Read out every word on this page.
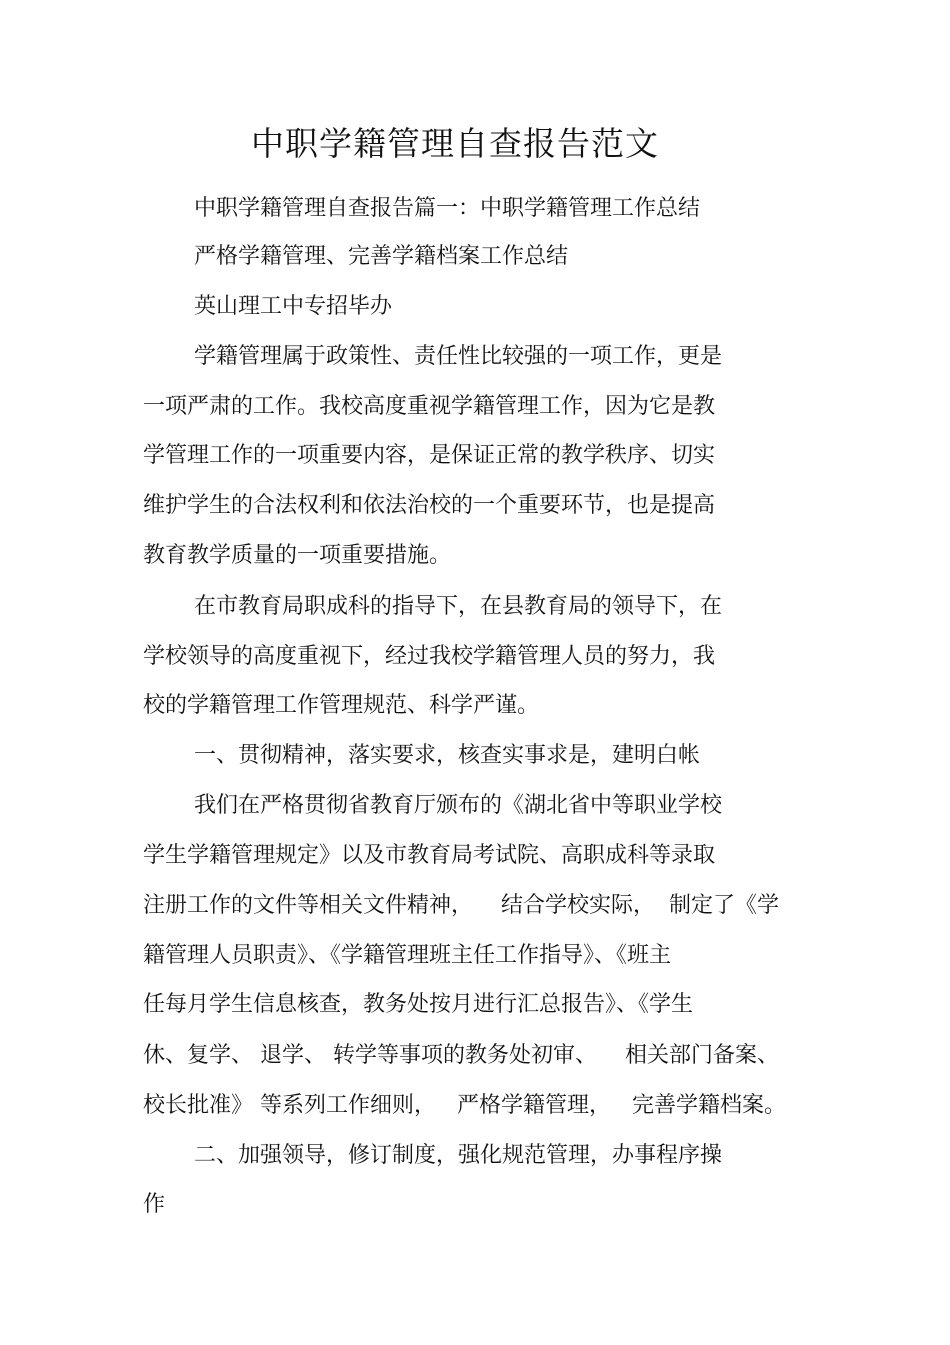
中职学籍管理自查报告范文
中职学籍管理自查报告篇一：中职学籍管理工作总结
严格学籍管理、完善学籍档案工作总结
英山理工中专招毕办
学籍管理属于政策性、责任性比较强的一项工作，更是
一项严肃的工作。我校高度重视学籍管理工作，因为它是教
学管理工作的一项重要内容，是保证正常的教学秩序、切实
维护学生的合法权利和依法治校的一个重要环节，也是提高
教育教学质量的一项重要措施。
在市教育局职成科的指导下，在县教育局的领导下，在
学校领导的高度重视下，经过我校学籍管理人员的努力，我
校的学籍管理工作管理规范、科学严谨。
一、贯彻精神，落实要求，核查实事求是，建明白帐
我们在严格贯彻省教育厅颁布的《湖北省中等职业学校
学生学籍管理规定》以及市教育局考试院、高职成科等录取
注册工作的文件等相关文件精神，    结合学校实际，  制定了《学
籍管理人员职责》、《学籍管理班主任工作指导》、《班主
任每月学生信息核查，教务处按月进行汇总报告》、《学生
休、复学、 退学、 转学等事项的教务处初审、    相关部门备案、
校长批准》 等系列工作细则，   严格学籍管理，   完善学籍档案。
二、加强领导，修订制度，强化规范管理，办事程序操
作
